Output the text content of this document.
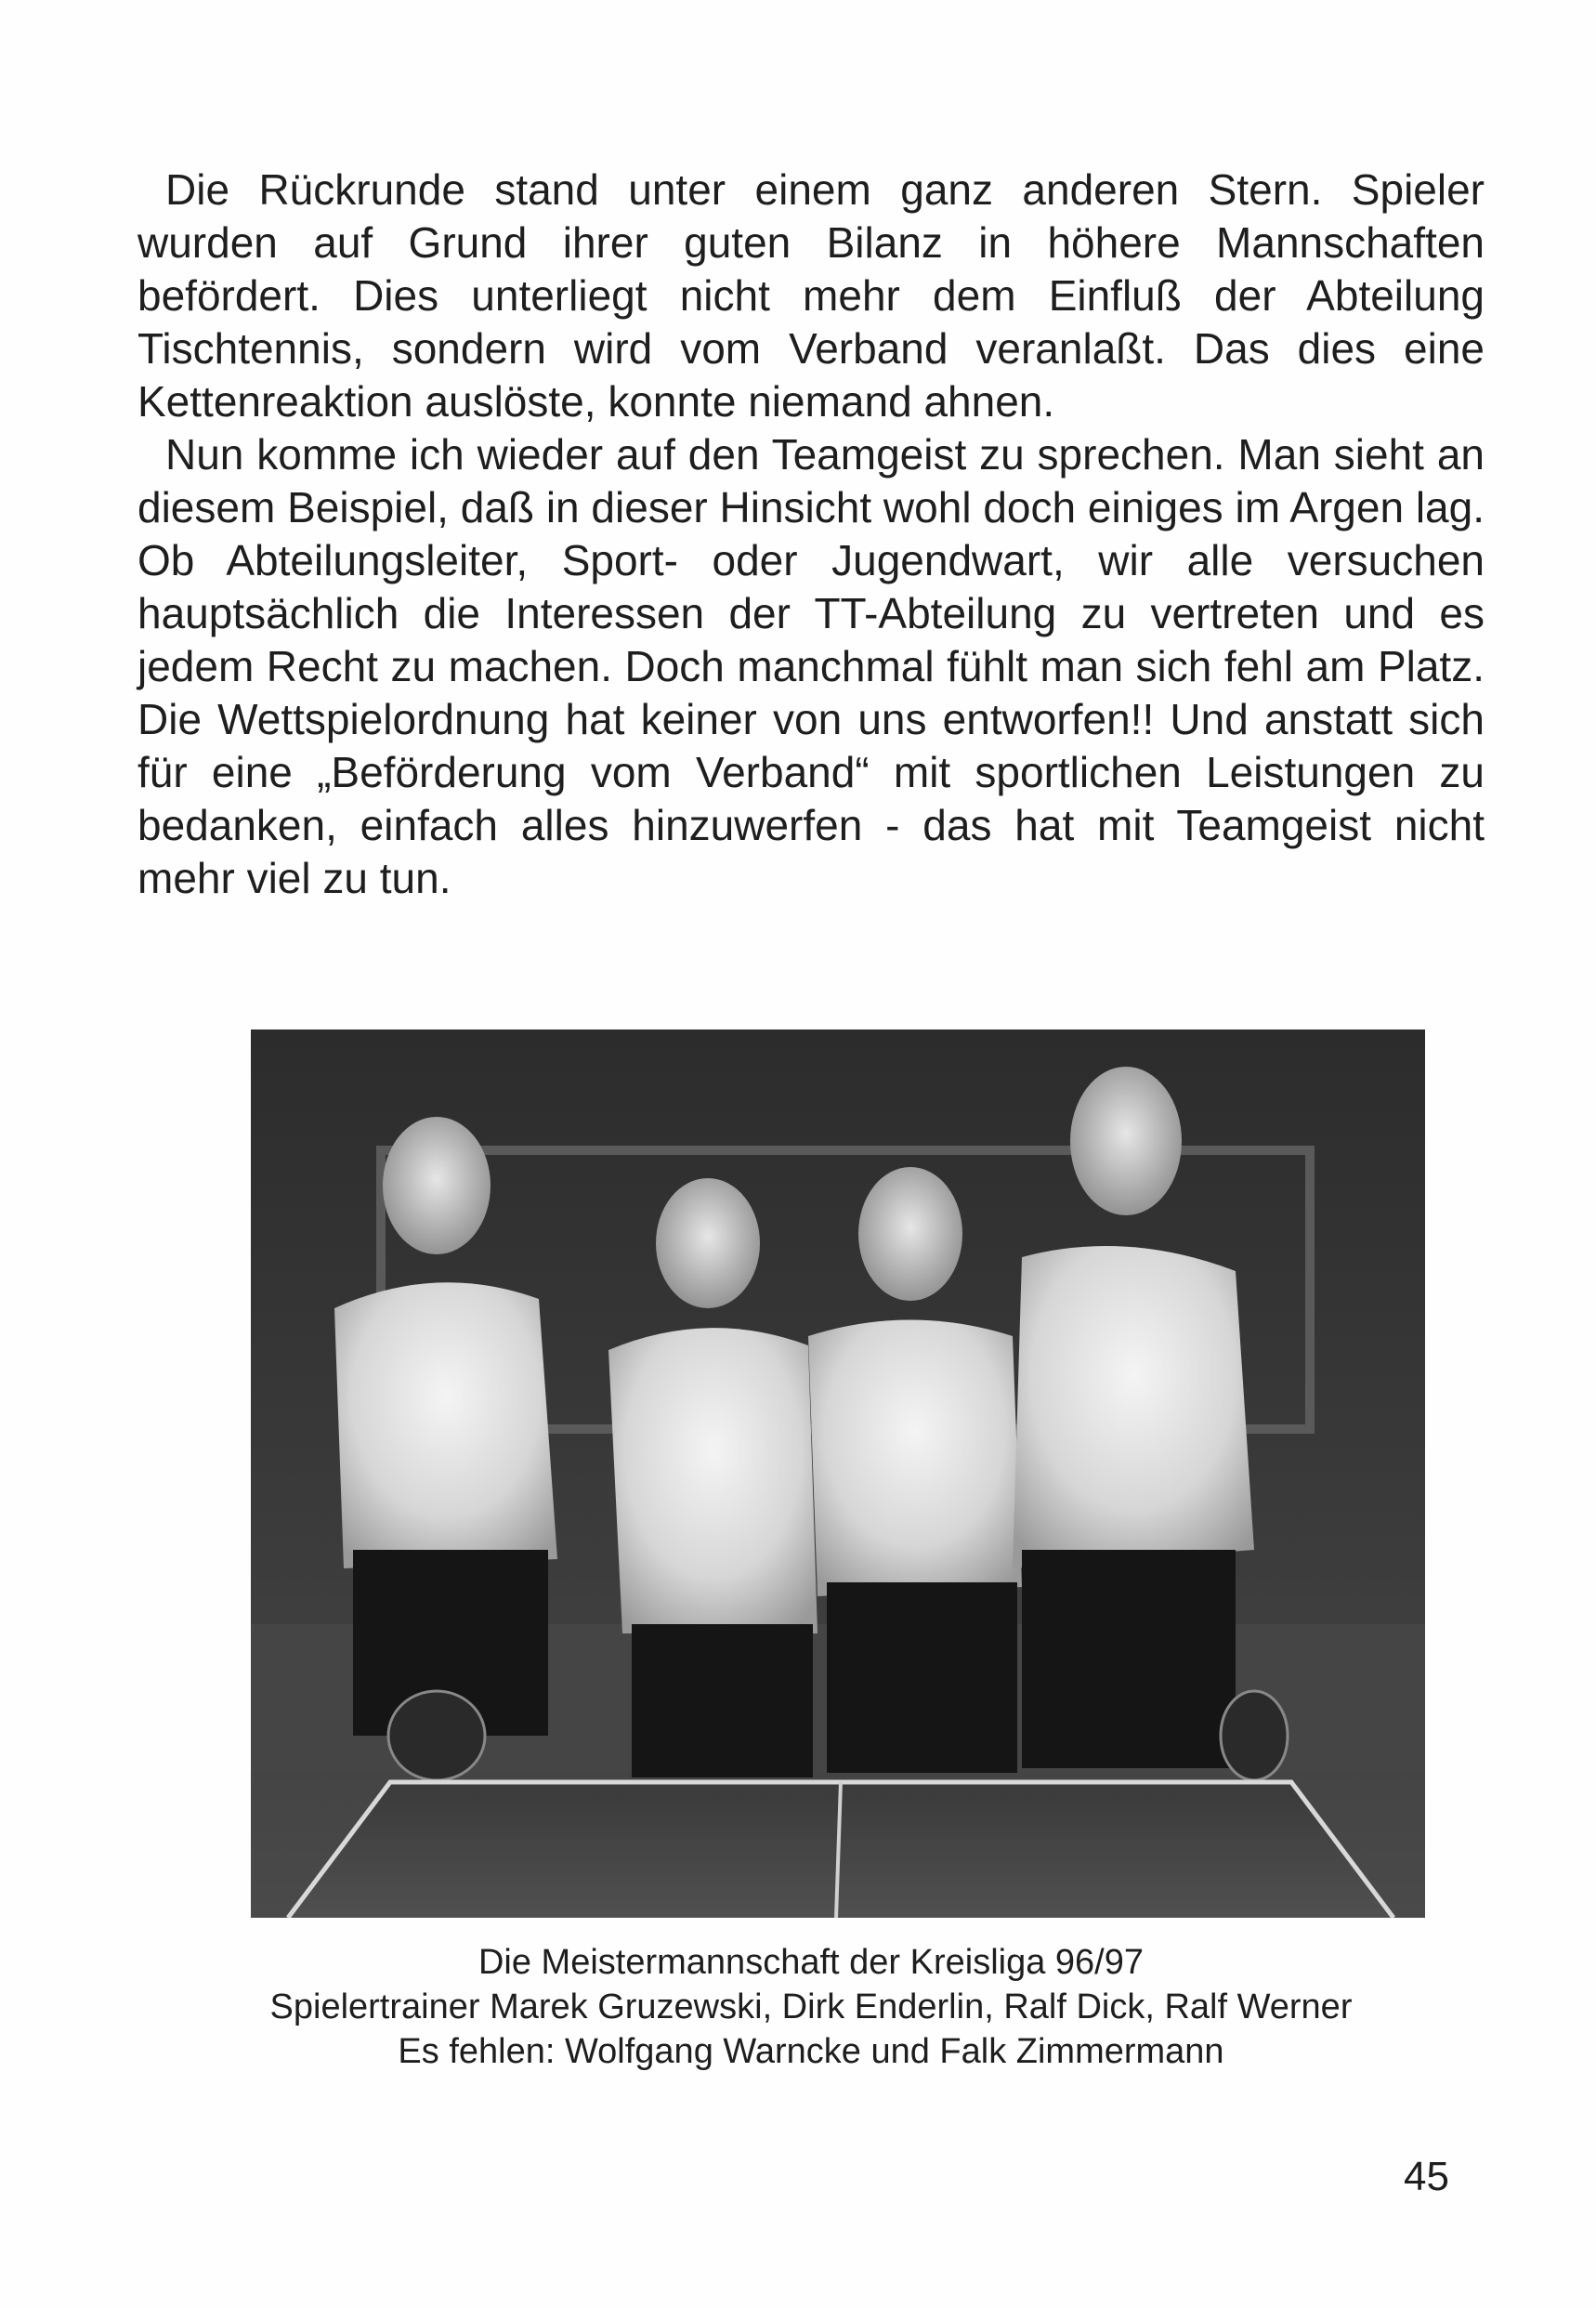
Die Rückrunde stand unter einem ganz anderen Stern. Spieler wurden auf Grund ihrer guten Bilanz in höhere Mannschaften befördert. Dies unterliegt nicht mehr dem Einfluß der Abteilung Tischtennis, sondern wird vom Verband veranlaßt. Das dies eine Kettenreaktion auslöste, konnte niemand ahnen.

Nun komme ich wieder auf den Teamgeist zu sprechen. Man sieht an diesem Beispiel, daß in dieser Hinsicht wohl doch einiges im Argen lag. Ob Abteilungsleiter, Sport- oder Jugendwart, wir alle versuchen hauptsächlich die Interessen der TT-Abteilung zu vertreten und es jedem Recht zu machen. Doch manchmal fühlt man sich fehl am Platz. Die Wettspielordnung hat keiner von uns entworfen!! Und anstatt sich für eine „Beförderung vom Verband“ mit sportlichen Leistungen zu bedanken, einfach alles hinzuwerfen - das hat mit Teamgeist nicht mehr viel zu tun.

Die Meistermannschaft der Kreisliga 96/97
Spielertrainer Marek Gruzewski, Dirk Enderlin, Ralf Dick, Ralf Werner
Es fehlen: Wolfgang Warncke und Falk Zimmermann
45
